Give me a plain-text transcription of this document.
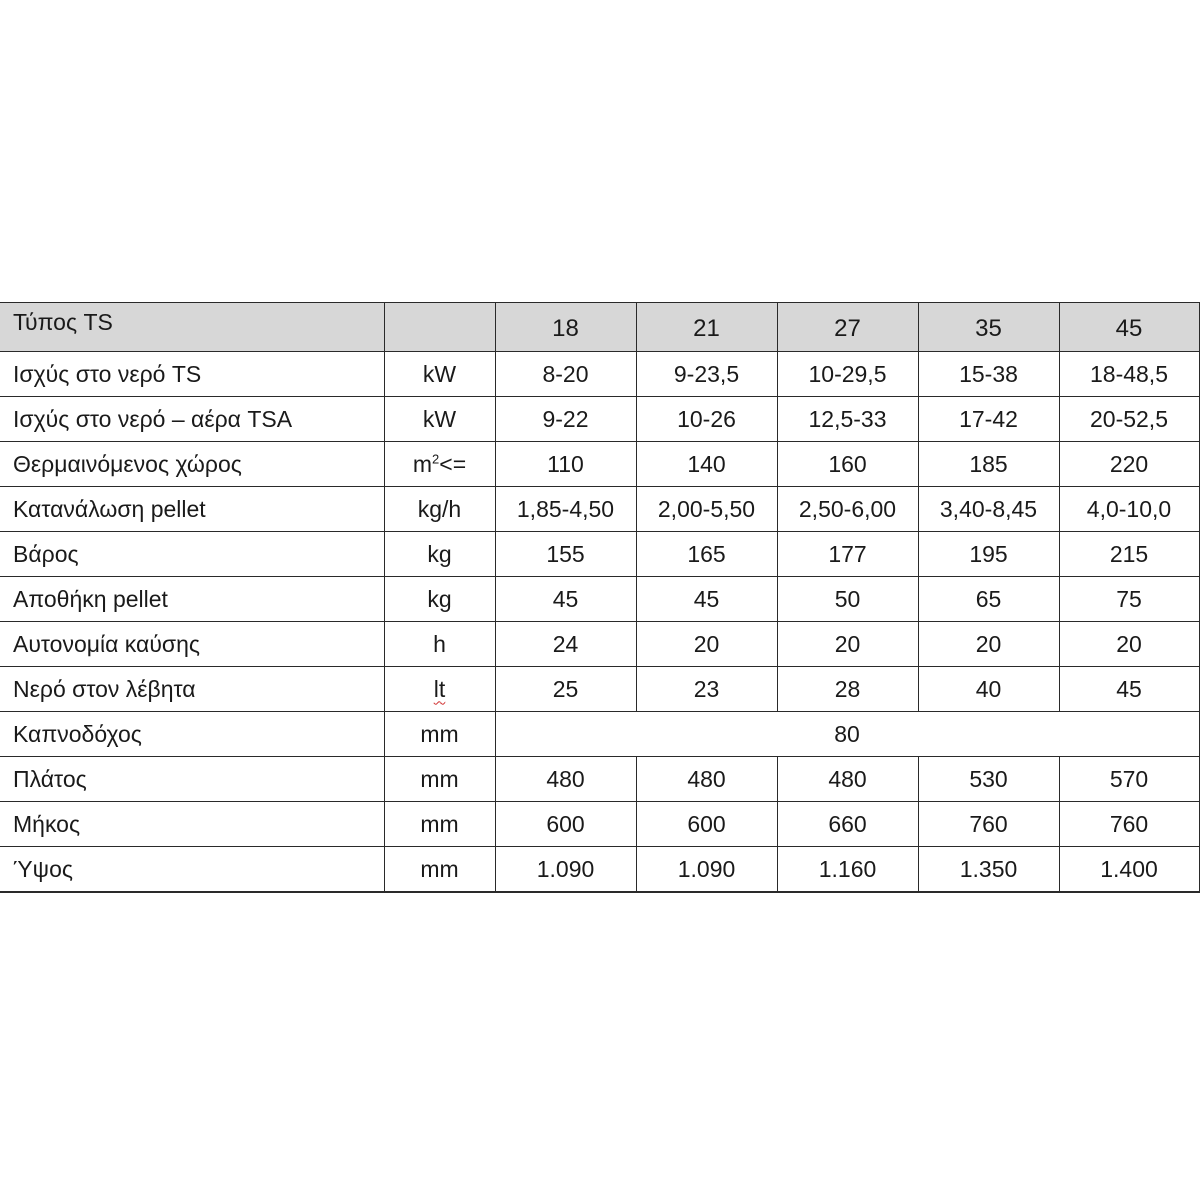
Τύπος TS		18	21	27	35	45
Ισχύς στο νερό TS	kW	8-20	9-23,5	10-29,5	15-38	18-48,5
Ισχύς στο νερό – αέρα TSA	kW	9-22	10-26	12,5-33	17-42	20-52,5
Θερμαινόμενος χώρος	$m^2<=$	110	140	160	185	220
Κατανάλωση pellet	kg/h	1,85-4,50	2,00-5,50	2,50-6,00	3,40-8,45	4,0-10,0
Βάρος	kg	155	165	177	195	215
Αποθήκη pellet	kg	45	45	50	65	75
Αυτονομία καύσης	h	24	20	20	20	20
Νερό στον λέβητα	lt	25	23	28	40	45
Καπνοδόχος	mm	80				
Πλάτος	mm	480	480	480	530	570
Μήκος	mm	600	600	660	760	760
Ύψος	mm	1.090	1.090	1.160	1.350	1.400
